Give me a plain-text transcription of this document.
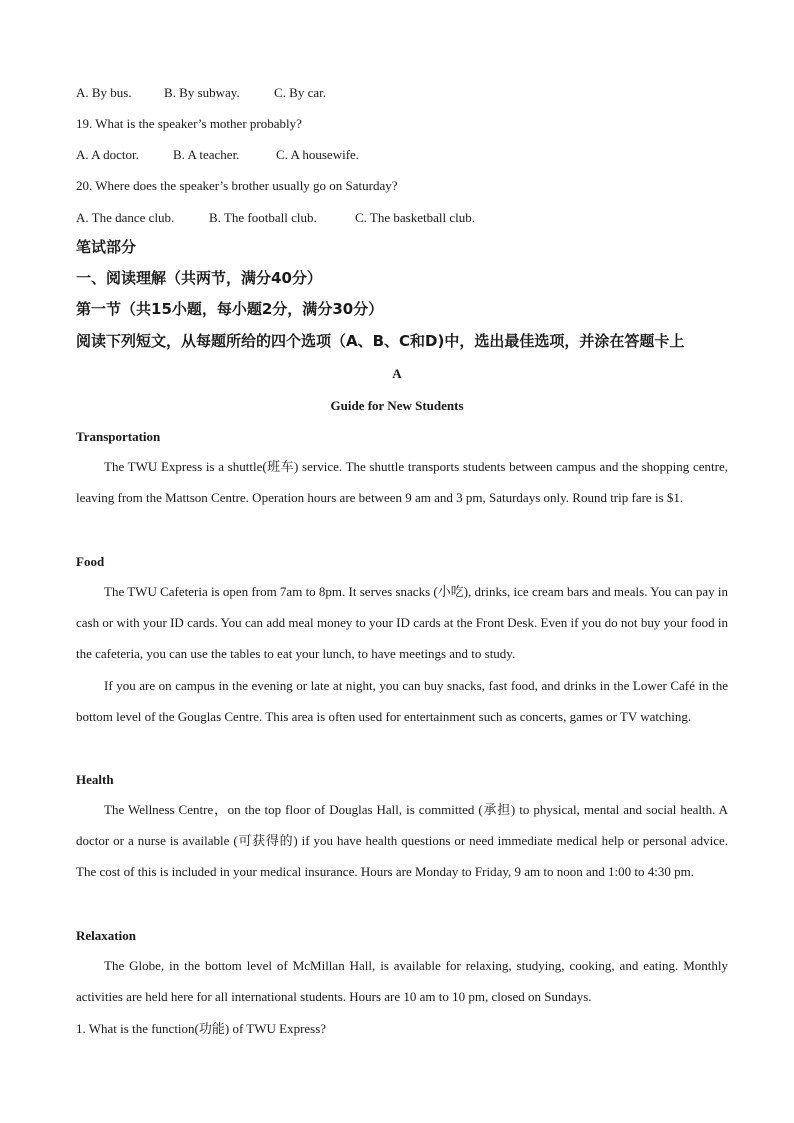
A. By bus. B. By subway.	C. By car.
19. What is the speaker’s mother probably?
A. A doctor.	B. A teacher.	C. A housewife.
20. Where does the speaker’s brother usually go on Saturday?
A. The dance club.	B. The football club.	C. The basketball club.
笔试部分
一、阅读理解（共两节，满分40分）
第一节（共15小题，每小题2分，满分30分）
阅读下列短文，从每题所给的四个选项（A、B、C和D)中，选出最佳选项，并涂在答题卡上
A
Guide for New Students
Transportation
The TWU Express is a shuttle(班车) service. The shuttle transports students between campus and the shopping centre, leaving from the Mattson Centre. Operation hours are between 9 am and 3 pm, Saturdays only. Round trip fare is $1.
Food
The TWU Cafeteria is open from 7am to 8pm. It serves snacks (小吃), drinks, ice cream bars and meals. You can pay in cash or with your ID cards. You can add meal money to your ID cards at the Front Desk. Even if you do not buy your food in the cafeteria, you can use the tables to eat your lunch, to have meetings and to study.
If you are on campus in the evening or late at night, you can buy snacks, fast food, and drinks in the Lower Café in the bottom level of the Gouglas Centre. This area is often used for entertainment such as concerts, games or TV watching.
Health
The Wellness Centre，on the top floor of Douglas Hall, is committed (承担) to physical, mental and social health. A doctor or a nurse is available (可获得的) if you have health questions or need immediate medical help or personal advice. The cost of this is included in your medical insurance. Hours are Monday to Friday, 9 am to noon and 1:00 to 4:30 pm.
Relaxation
The Globe, in the bottom level of McMillan Hall, is available for relaxing, studying, cooking, and eating. Monthly activities are held here for all international students. Hours are 10 am to 10 pm, closed on Sundays.
1. What is the function(功能) of TWU Express?
